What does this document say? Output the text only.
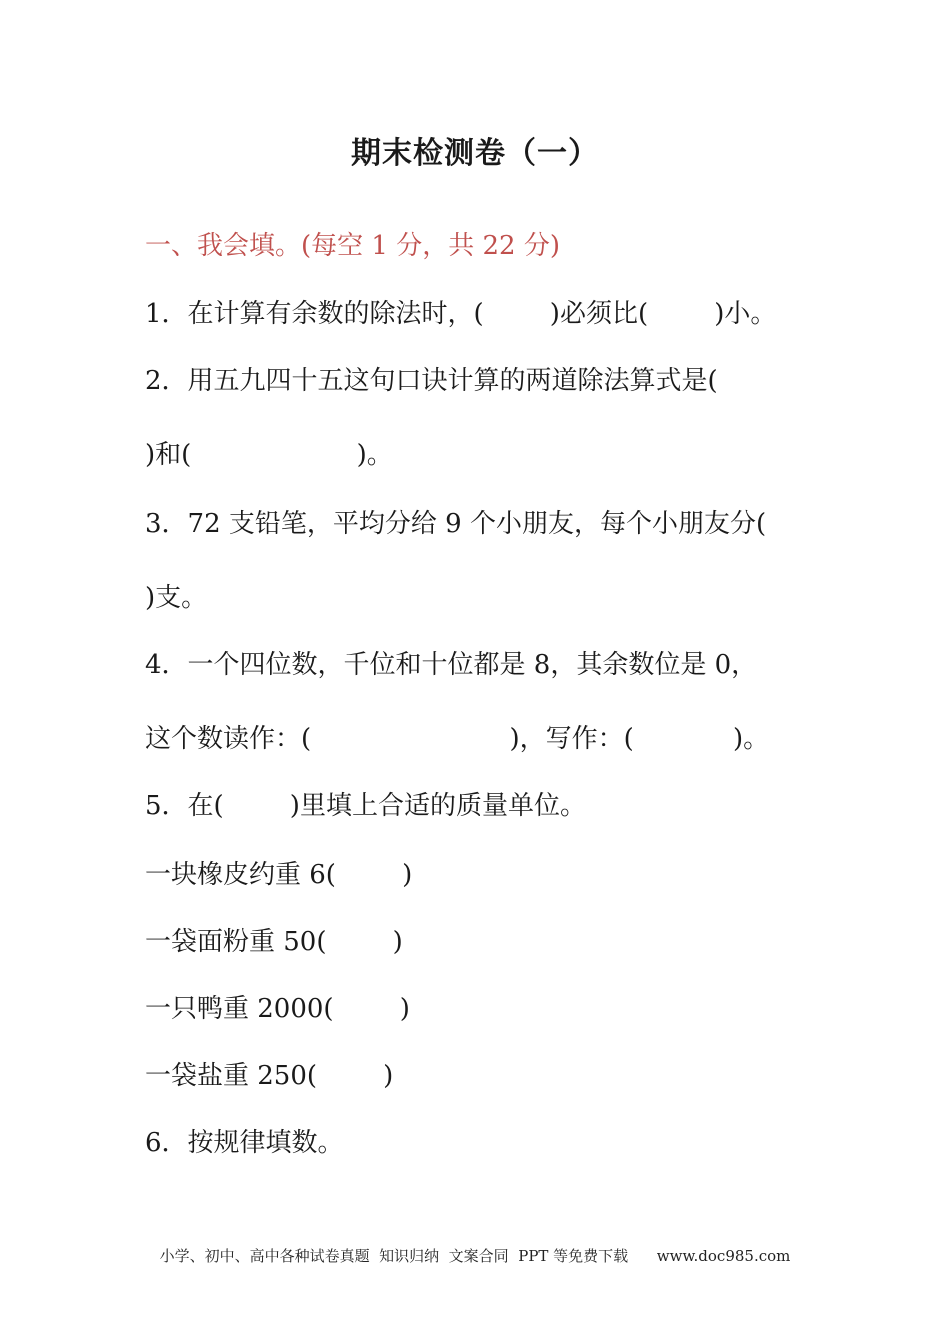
期末检测卷（一）
一、我会填。(每空 1 分，共 22 分)
1．在计算有余数的除法时，(        )必须比(        )小。
2．用五九四十五这句口诀计算的两道除法算式是(
)和(                    )。
3．72 支铅笔，平均分给 9 个小朋友，每个小朋友分(
)支。
4．一个四位数，千位和十位都是 8，其余数位是 0，
这个数读作：(                        )，写作：(            )。
5．在(        )里填上合适的质量单位。
一块橡皮约重 6(        )
一袋面粉重 50(        )
一只鸭重 2000(        )
一袋盐重 250(        )
6．按规律填数。
小学、初中、高中各种试卷真题  知识归纳  文案合同  PPT 等免费下载      www.doc985.com
